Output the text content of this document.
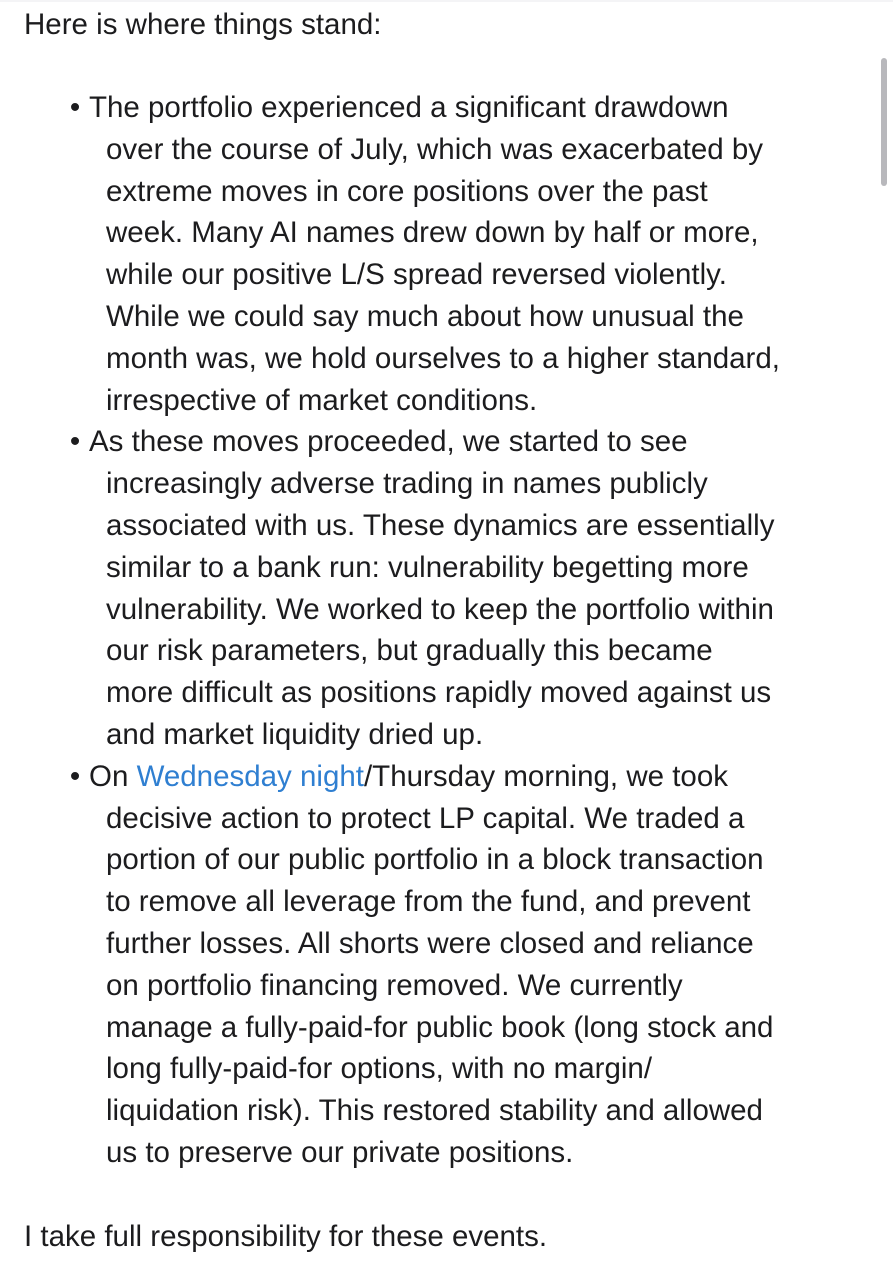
Here is where things stand:

• The portfolio experienced a significant drawdown
over the course of July, which was exacerbated by
extreme moves in core positions over the past
week. Many AI names drew down by half or more,
while our positive L/S spread reversed violently.
While we could say much about how unusual the
month was, we hold ourselves to a higher standard,
irrespective of market conditions.
• As these moves proceeded, we started to see
increasingly adverse trading in names publicly
associated with us. These dynamics are essentially
similar to a bank run: vulnerability begetting more
vulnerability. We worked to keep the portfolio within
our risk parameters, but gradually this became
more difficult as positions rapidly moved against us
and market liquidity dried up.
• On Wednesday night/Thursday morning, we took
decisive action to protect LP capital. We traded a
portion of our public portfolio in a block transaction
to remove all leverage from the fund, and prevent
further losses. All shorts were closed and reliance
on portfolio financing removed. We currently
manage a fully-paid-for public book (long stock and
long fully-paid-for options, with no margin/
liquidation risk). This restored stability and allowed
us to preserve our private positions.

I take full responsibility for these events.
